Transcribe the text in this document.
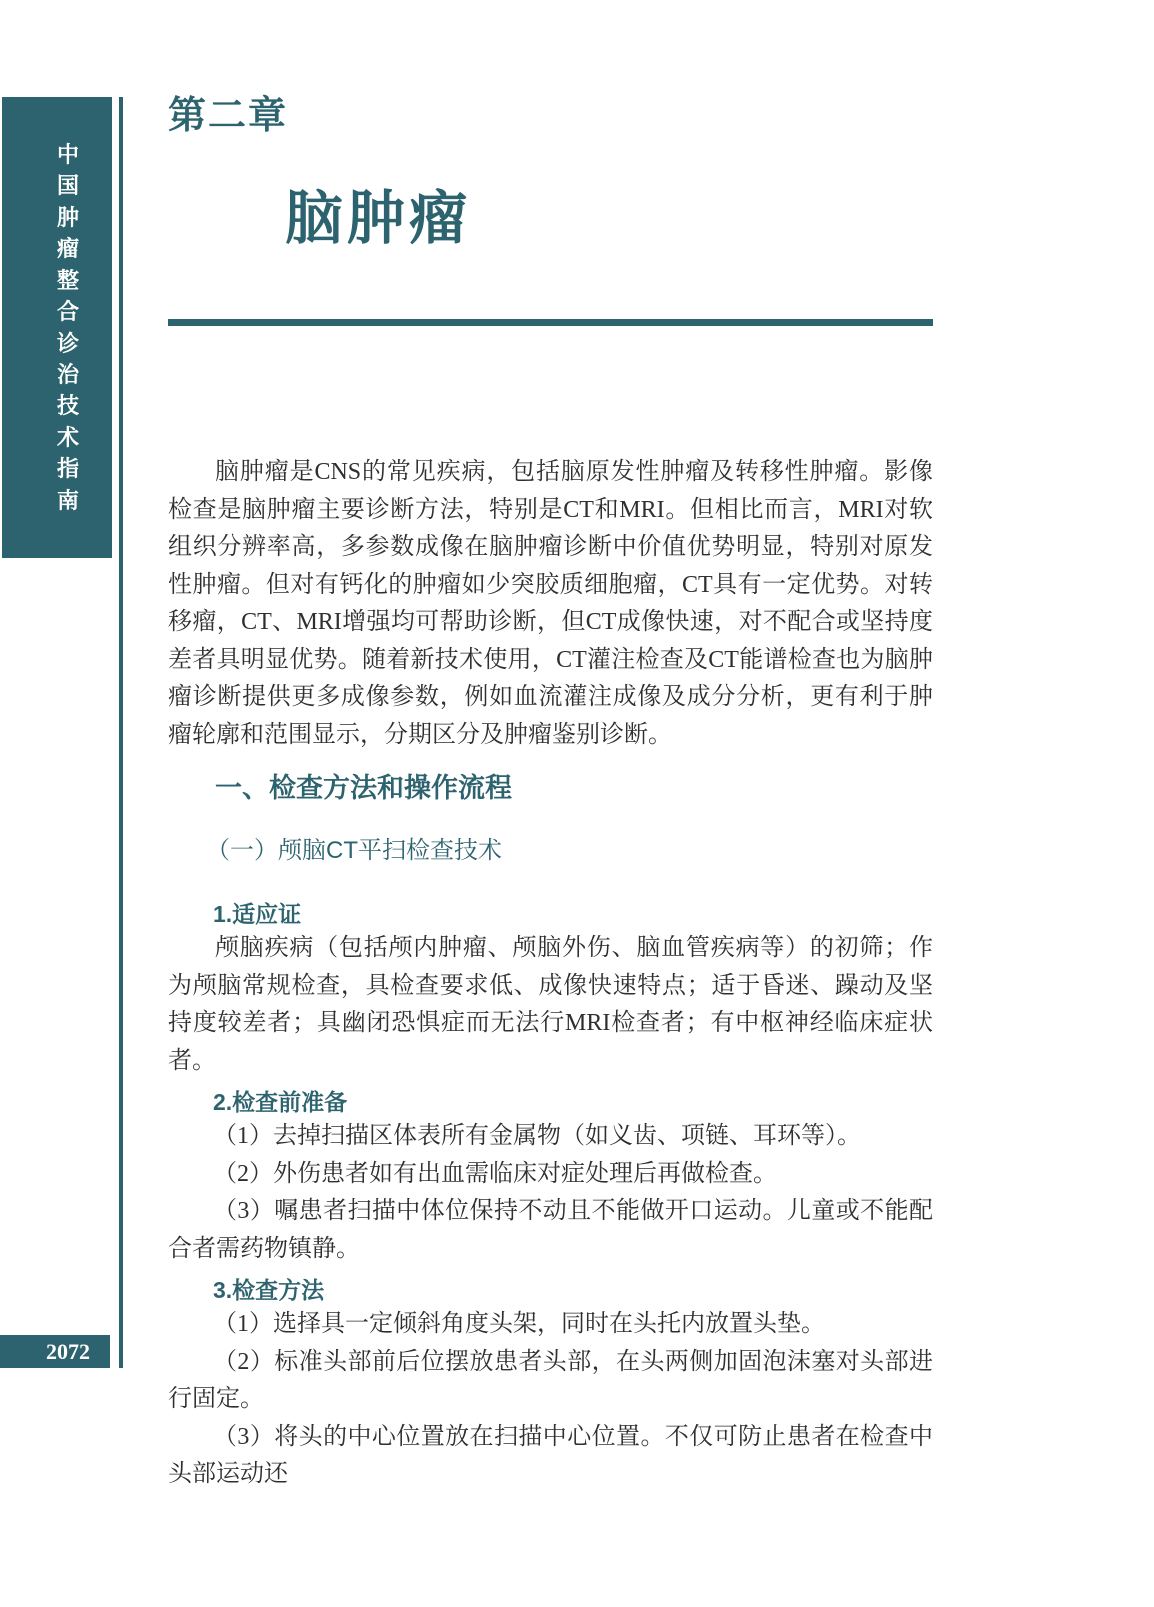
中
国
肿
瘤
整
合
诊
治
技
术
指
南
2072
第二章
脑肿瘤

脑肿瘤是CNS的常见疾病，包括脑原发性肿瘤及转移性肿瘤。影像检查是脑肿瘤主要诊断方法，特别是CT和MRI。但相比而言，MRI对软组织分辨率高，多参数成像在脑肿瘤诊断中价值优势明显，特别对原发性肿瘤。但对有钙化的肿瘤如少突胶质细胞瘤，CT具有一定优势。对转移瘤，CT、MRI增强均可帮助诊断，但CT成像快速，对不配合或坚持度差者具明显优势。随着新技术使用，CT灌注检查及CT能谱检查也为脑肿瘤诊断提供更多成像参数，例如血流灌注成像及成分分析，更有利于肿瘤轮廓和范围显示，分期区分及肿瘤鉴别诊断。

一、检查方法和操作流程
（一）颅脑CT平扫检查技术
1.适应证

颅脑疾病（包括颅内肿瘤、颅脑外伤、脑血管疾病等）的初筛；作为颅脑常规检查，具检查要求低、成像快速特点；适于昏迷、躁动及坚持度较差者；具幽闭恐惧症而无法行MRI检查者；有中枢神经临床症状者。

2.检查前准备

（1）去掉扫描区体表所有金属物（如义齿、项链、耳环等）。

（2）外伤患者如有出血需临床对症处理后再做检查。

（3）嘱患者扫描中体位保持不动且不能做开口运动。儿童或不能配合者需药物镇静。

3.检查方法

（1）选择具一定倾斜角度头架，同时在头托内放置头垫。

（2）标准头部前后位摆放患者头部，在头两侧加固泡沫塞对头部进行固定。

（3）将头的中心位置放在扫描中心位置。不仅可防止患者在检查中头部运动还
